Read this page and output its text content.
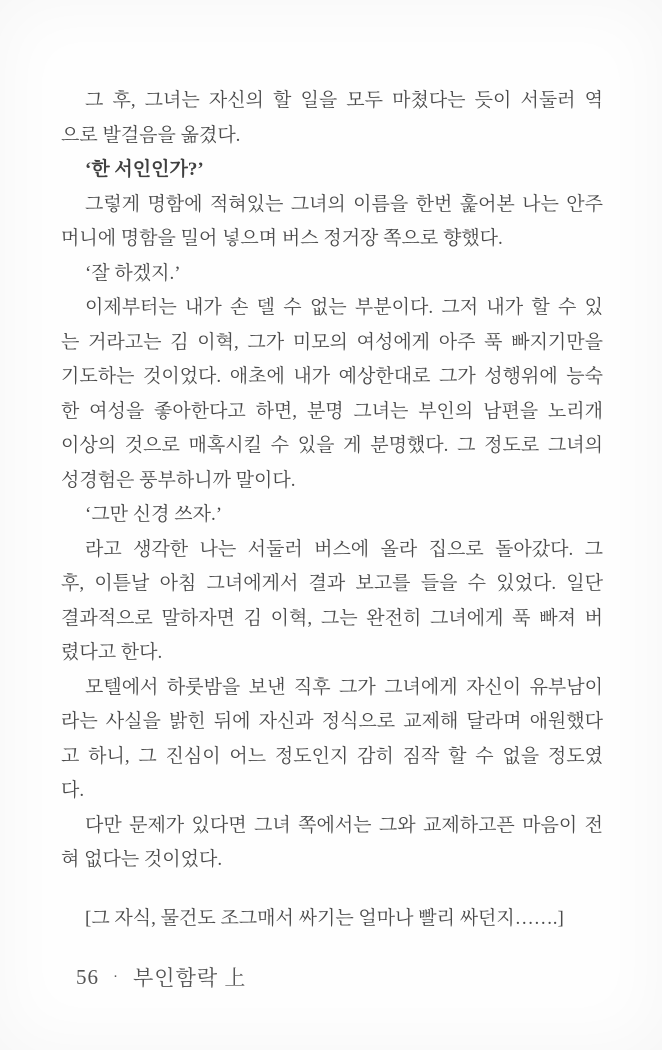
그 후, 그녀는 자신의 할 일을 모두 마쳤다는 듯이 서둘러 역
으로 발걸음을 옮겼다.
‘한 서인인가?’
그렇게 명함에 적혀있는 그녀의 이름을 한번 훑어본 나는 안주
머니에 명함을 밀어 넣으며 버스 정거장 쪽으로 향했다.
‘잘 하겠지.’
이제부터는 내가 손 델 수 없는 부분이다. 그저 내가 할 수 있
는 거라고는 김 이혁, 그가 미모의 여성에게 아주 푹 빠지기만을
기도하는 것이었다. 애초에 내가 예상한대로 그가 성행위에 능숙
한 여성을 좋아한다고 하면, 분명 그녀는 부인의 남편을 노리개
이상의 것으로 매혹시킬 수 있을 게 분명했다. 그 정도로 그녀의
성경험은 풍부하니까 말이다.
‘그만 신경 쓰자.’
라고 생각한 나는 서둘러 버스에 올라 집으로 돌아갔다. 그
후, 이튿날 아침 그녀에게서 결과 보고를 들을 수 있었다. 일단
결과적으로 말하자면 김 이혁, 그는 완전히 그녀에게 푹 빠져 버
렸다고 한다.
모텔에서 하룻밤을 보낸 직후 그가 그녀에게 자신이 유부남이
라는 사실을 밝힌 뒤에 자신과 정식으로 교제해 달라며 애원했다
고 하니, 그 진심이 어느 정도인지 감히 짐작 할 수 없을 정도였
다.
다만 문제가 있다면 그녀 쪽에서는 그와 교제하고픈 마음이 전
혀 없다는 것이었다.
[그 자식, 물건도 조그매서 싸기는 얼마나 빨리 싸던지…….]
56 · 부인함락 上
